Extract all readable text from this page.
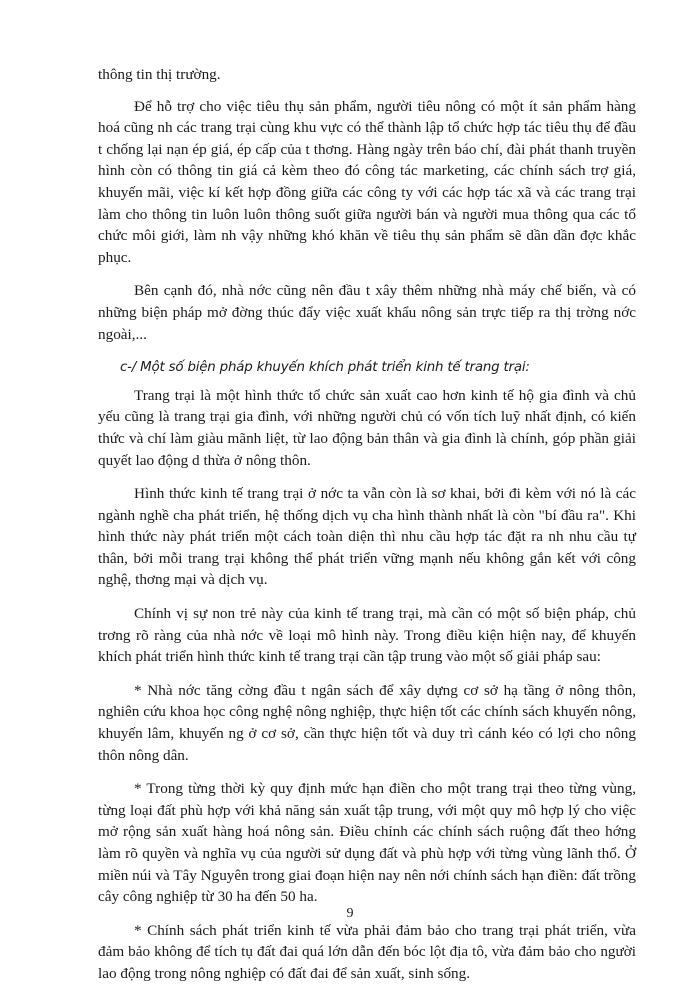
thông tin thị trường.

Để hỗ trợ cho việc tiêu thụ sản phẩm, người tiêu nông có một ít sản phẩm hàng hoá cũng nh các trang trại cùng khu vực có thể thành lập tổ chức hợp tác tiêu thụ để đầu t chống lại nạn ép giá, ép cấp của t thơng. Hàng ngày trên báo chí, đài phát thanh truyền hình còn có thông tin giá cả kèm theo đó công tác marketing, các chính sách trợ giá, khuyến mãi, việc kí kết hợp đồng giữa các công ty với các hợp tác xã và các trang trại làm cho thông tin luôn luôn thông suốt giữa người bán và người mua thông qua các tổ chức môi giới, làm nh vậy những khó khăn về tiêu thụ sản phẩm sẽ dần dần đợc khắc phục.

Bên cạnh đó, nhà nớc cũng nên đầu t xây thêm những nhà máy chế biến, và có những biện pháp mở đờng thúc đẩy việc xuất khẩu nông sản trực tiếp ra thị trờng nớc ngoài,...

c-/ Một số biện pháp khuyến khích phát triển kinh tế trang trại:

Trang trại là một hình thức tổ chức sản xuất cao hơn kinh tế hộ gia đình và chủ yếu cũng là trang trại gia đình, với những người chủ có vốn tích luỹ nhất định, có kiến thức và chí làm giàu mãnh liệt, từ lao động bản thân và gia đình là chính, góp phần giải quyết lao động d thừa ở nông thôn.

Hình thức kinh tế trang trại ở nớc ta vẫn còn là sơ khai, bởi đi kèm với nó là các ngành nghề cha phát triển, hệ thống dịch vụ cha hình thành nhất là còn "bí đầu ra". Khi hình thức này phát triển một cách toàn diện thì nhu cầu hợp tác đặt ra nh nhu cầu tự thân, bởi mỗi trang trại không thể phát triển vững mạnh nếu không gắn kết với công nghệ, thơng mại và dịch vụ.

Chính vị sự non trẻ này của kinh tế trang trại, mà cần có một số biện pháp, chủ trơng rõ ràng của nhà nớc về loại mô hình này. Trong điều kiện hiện nay, để khuyến khích phát triển hình thức kinh tế trang trại cần tập trung vào một số giải pháp sau:

* Nhà nớc tăng cờng đầu t ngân sách để xây dựng cơ sở hạ tầng ở nông thôn, nghiên cứu khoa học công nghệ nông nghiệp, thực hiện tốt các chính sách khuyến nông, khuyến lâm, khuyến ng ở cơ sở, cần thực hiện tốt và duy trì cánh kéo có lợi cho nông thôn nông dân.

* Trong từng thời kỳ quy định mức hạn điền cho một trang trại theo từng vùng, từng loại đất phù hợp với khả năng sản xuất tập trung, với một quy mô hợp lý cho việc mở rộng sản xuất hàng hoá nông sản. Điều chỉnh các chính sách ruộng đất theo hớng làm rõ quyền và nghĩa vụ của người sử dụng đất và phù hợp với từng vùng lãnh thổ. Ở miền núi và Tây Nguyên trong giai đoạn hiện nay nên nới chính sách hạn điền: đất trồng cây công nghiệp từ 30 ha đến 50 ha.

* Chính sách phát triển kinh tế vừa phải đảm bảo cho trang trại phát triển, vừa đảm bảo không để tích tụ đất đai quá lớn dẫn đến bóc lột địa tô, vừa đảm bảo cho người lao động trong nông nghiệp có đất đai để sản xuất, sinh sống.

9
